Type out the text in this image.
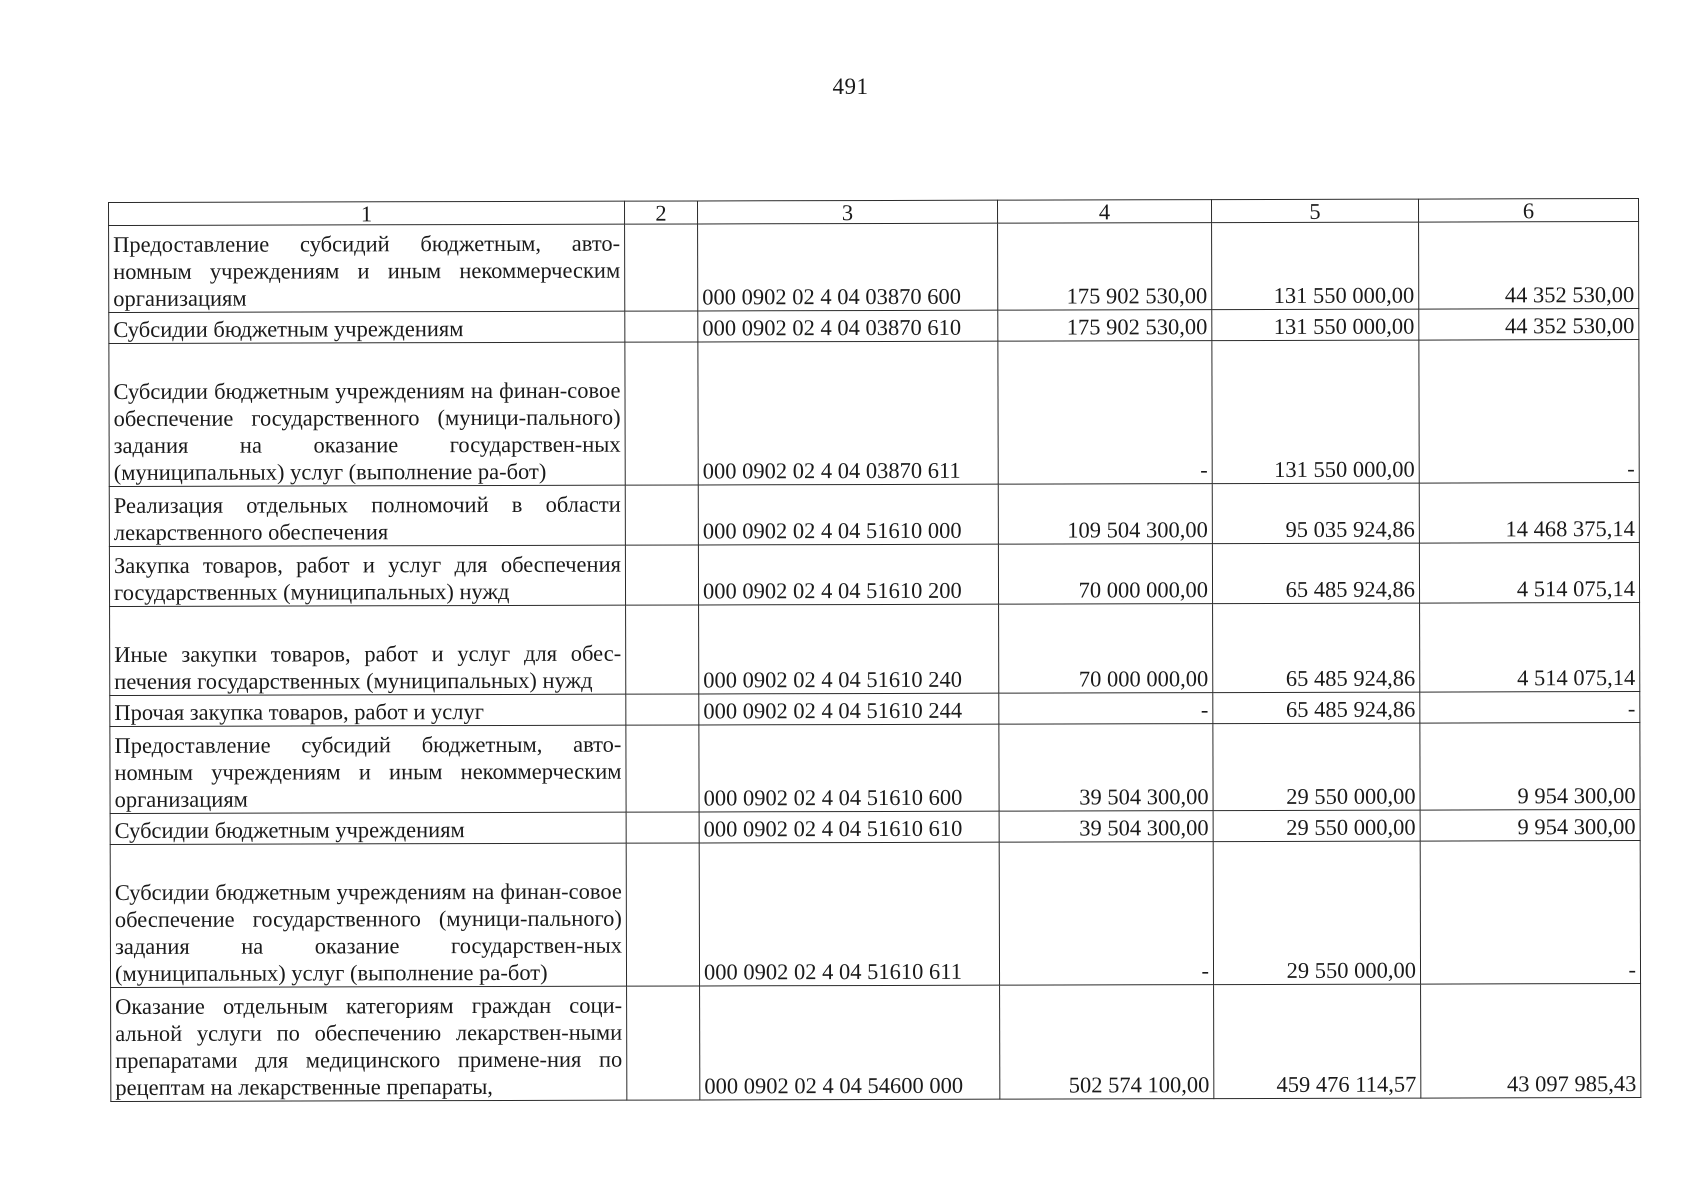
491
1	2	3	4	5	6
Предоставление субсидий бюджетным, авто-номным учреждениям и иным некоммерческим организациям		000 0902 02 4 04 03870 600	175 902 530,00	131 550 000,00	44 352 530,00
Субсидии бюджетным учреждениям		000 0902 02 4 04 03870 610	175 902 530,00	131 550 000,00	44 352 530,00
Субсидии бюджетным учреждениям на финан-совое обеспечение государственного (муници-пального) задания на оказание государствен-ных (муниципальных) услуг (выполнение ра-бот)		000 0902 02 4 04 03870 611	-	131 550 000,00	-
Реализация отдельных полномочий в области лекарственного обеспечения		000 0902 02 4 04 51610 000	109 504 300,00	95 035 924,86	14 468 375,14
Закупка товаров, работ и услуг для обеспечения государственных (муниципальных) нужд		000 0902 02 4 04 51610 200	70 000 000,00	65 485 924,86	4 514 075,14
Иные закупки товаров, работ и услуг для обес-печения государственных (муниципальных) нужд		000 0902 02 4 04 51610 240	70 000 000,00	65 485 924,86	4 514 075,14
Прочая закупка товаров, работ и услуг		000 0902 02 4 04 51610 244	-	65 485 924,86	-
Предоставление субсидий бюджетным, авто-номным учреждениям и иным некоммерческим организациям		000 0902 02 4 04 51610 600	39 504 300,00	29 550 000,00	9 954 300,00
Субсидии бюджетным учреждениям		000 0902 02 4 04 51610 610	39 504 300,00	29 550 000,00	9 954 300,00
Субсидии бюджетным учреждениям на финан-совое обеспечение государственного (муници-пального) задания на оказание государствен-ных (муниципальных) услуг (выполнение ра-бот)		000 0902 02 4 04 51610 611	-	29 550 000,00	-
Оказание отдельным категориям граждан соци-альной услуги по обеспечению лекарствен-ными препаратами для медицинского примене-ния по рецептам на лекарственные препараты,		000 0902 02 4 04 54600 000	502 574 100,00	459 476 114,57	43 097 985,43
